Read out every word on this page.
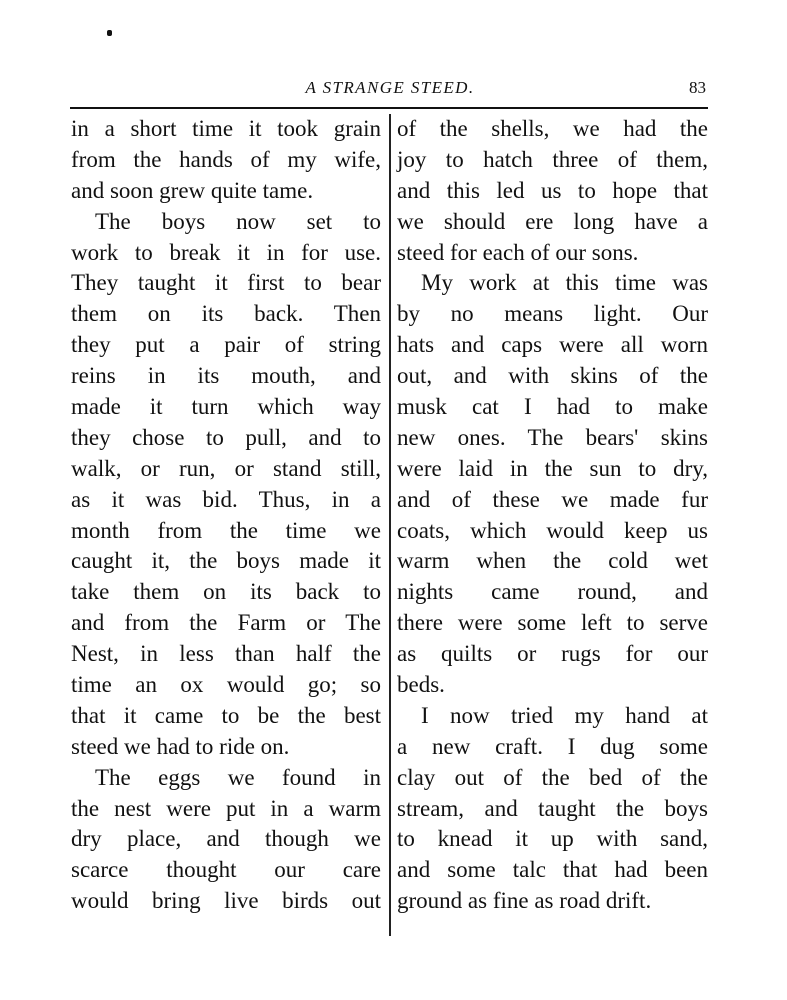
A STRANGE STEED.	83
in a short time it took grain
from the hands of my wife,
and soon grew quite tame.
The boys now set to
work to break it in for use.
They taught it first to bear
them on its back. Then
they put a pair of string
reins in its mouth, and
made it turn which way
they chose to pull, and to
walk, or run, or stand still,
as it was bid. Thus, in a
month from the time we
caught it, the boys made it
take them on its back to
and from the Farm or The
Nest, in less than half the
time an ox would go; so
that it came to be the best
steed we had to ride on.
The eggs we found in
the nest were put in a warm
dry place, and though we
scarce thought our care
would bring live birds out
of the shells, we had the
joy to hatch three of them,
and this led us to hope that
we should ere long have a
steed for each of our sons.
My work at this time was
by no means light. Our
hats and caps were all worn
out, and with skins of the
musk cat I had to make
new ones. The bears' skins
were laid in the sun to dry,
and of these we made fur
coats, which would keep us
warm when the cold wet
nights came round, and
there were some left to serve
as quilts or rugs for our
beds.
I now tried my hand at
a new craft. I dug some
clay out of the bed of the
stream, and taught the boys
to knead it up with sand,
and some talc that had been
ground as fine as road drift.
